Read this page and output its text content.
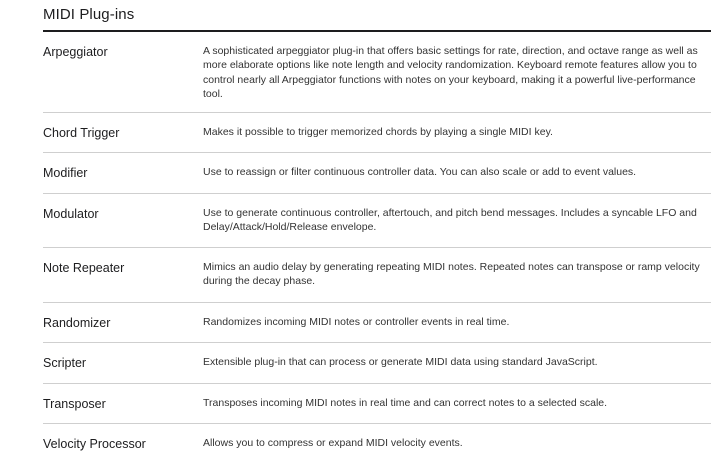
MIDI Plug-ins
Arpeggiator	A sophisticated arpeggiator plug-in that offers basic settings for rate, direction, and octave range as well as more elaborate options like note length and velocity randomization. Keyboard remote features allow you to control nearly all Arpeggiator functions with notes on your keyboard, making it a powerful live-performance tool.
Chord Trigger	Makes it possible to trigger memorized chords by playing a single MIDI key.
Modifier	Use to reassign or filter continuous controller data. You can also scale or add to event values.
Modulator	Use to generate continuous controller, aftertouch, and pitch bend messages. Includes a syncable LFO and Delay/Attack/Hold/Release envelope.
Note Repeater	Mimics an audio delay by generating repeating MIDI notes. Repeated notes can transpose or ramp velocity during the decay phase.
Randomizer	Randomizes incoming MIDI notes or controller events in real time.
Scripter	Extensible plug-in that can process or generate MIDI data using standard JavaScript.
Transposer	Transposes incoming MIDI notes in real time and can correct notes to a selected scale.
Velocity Processor	Allows you to compress or expand MIDI velocity events.
